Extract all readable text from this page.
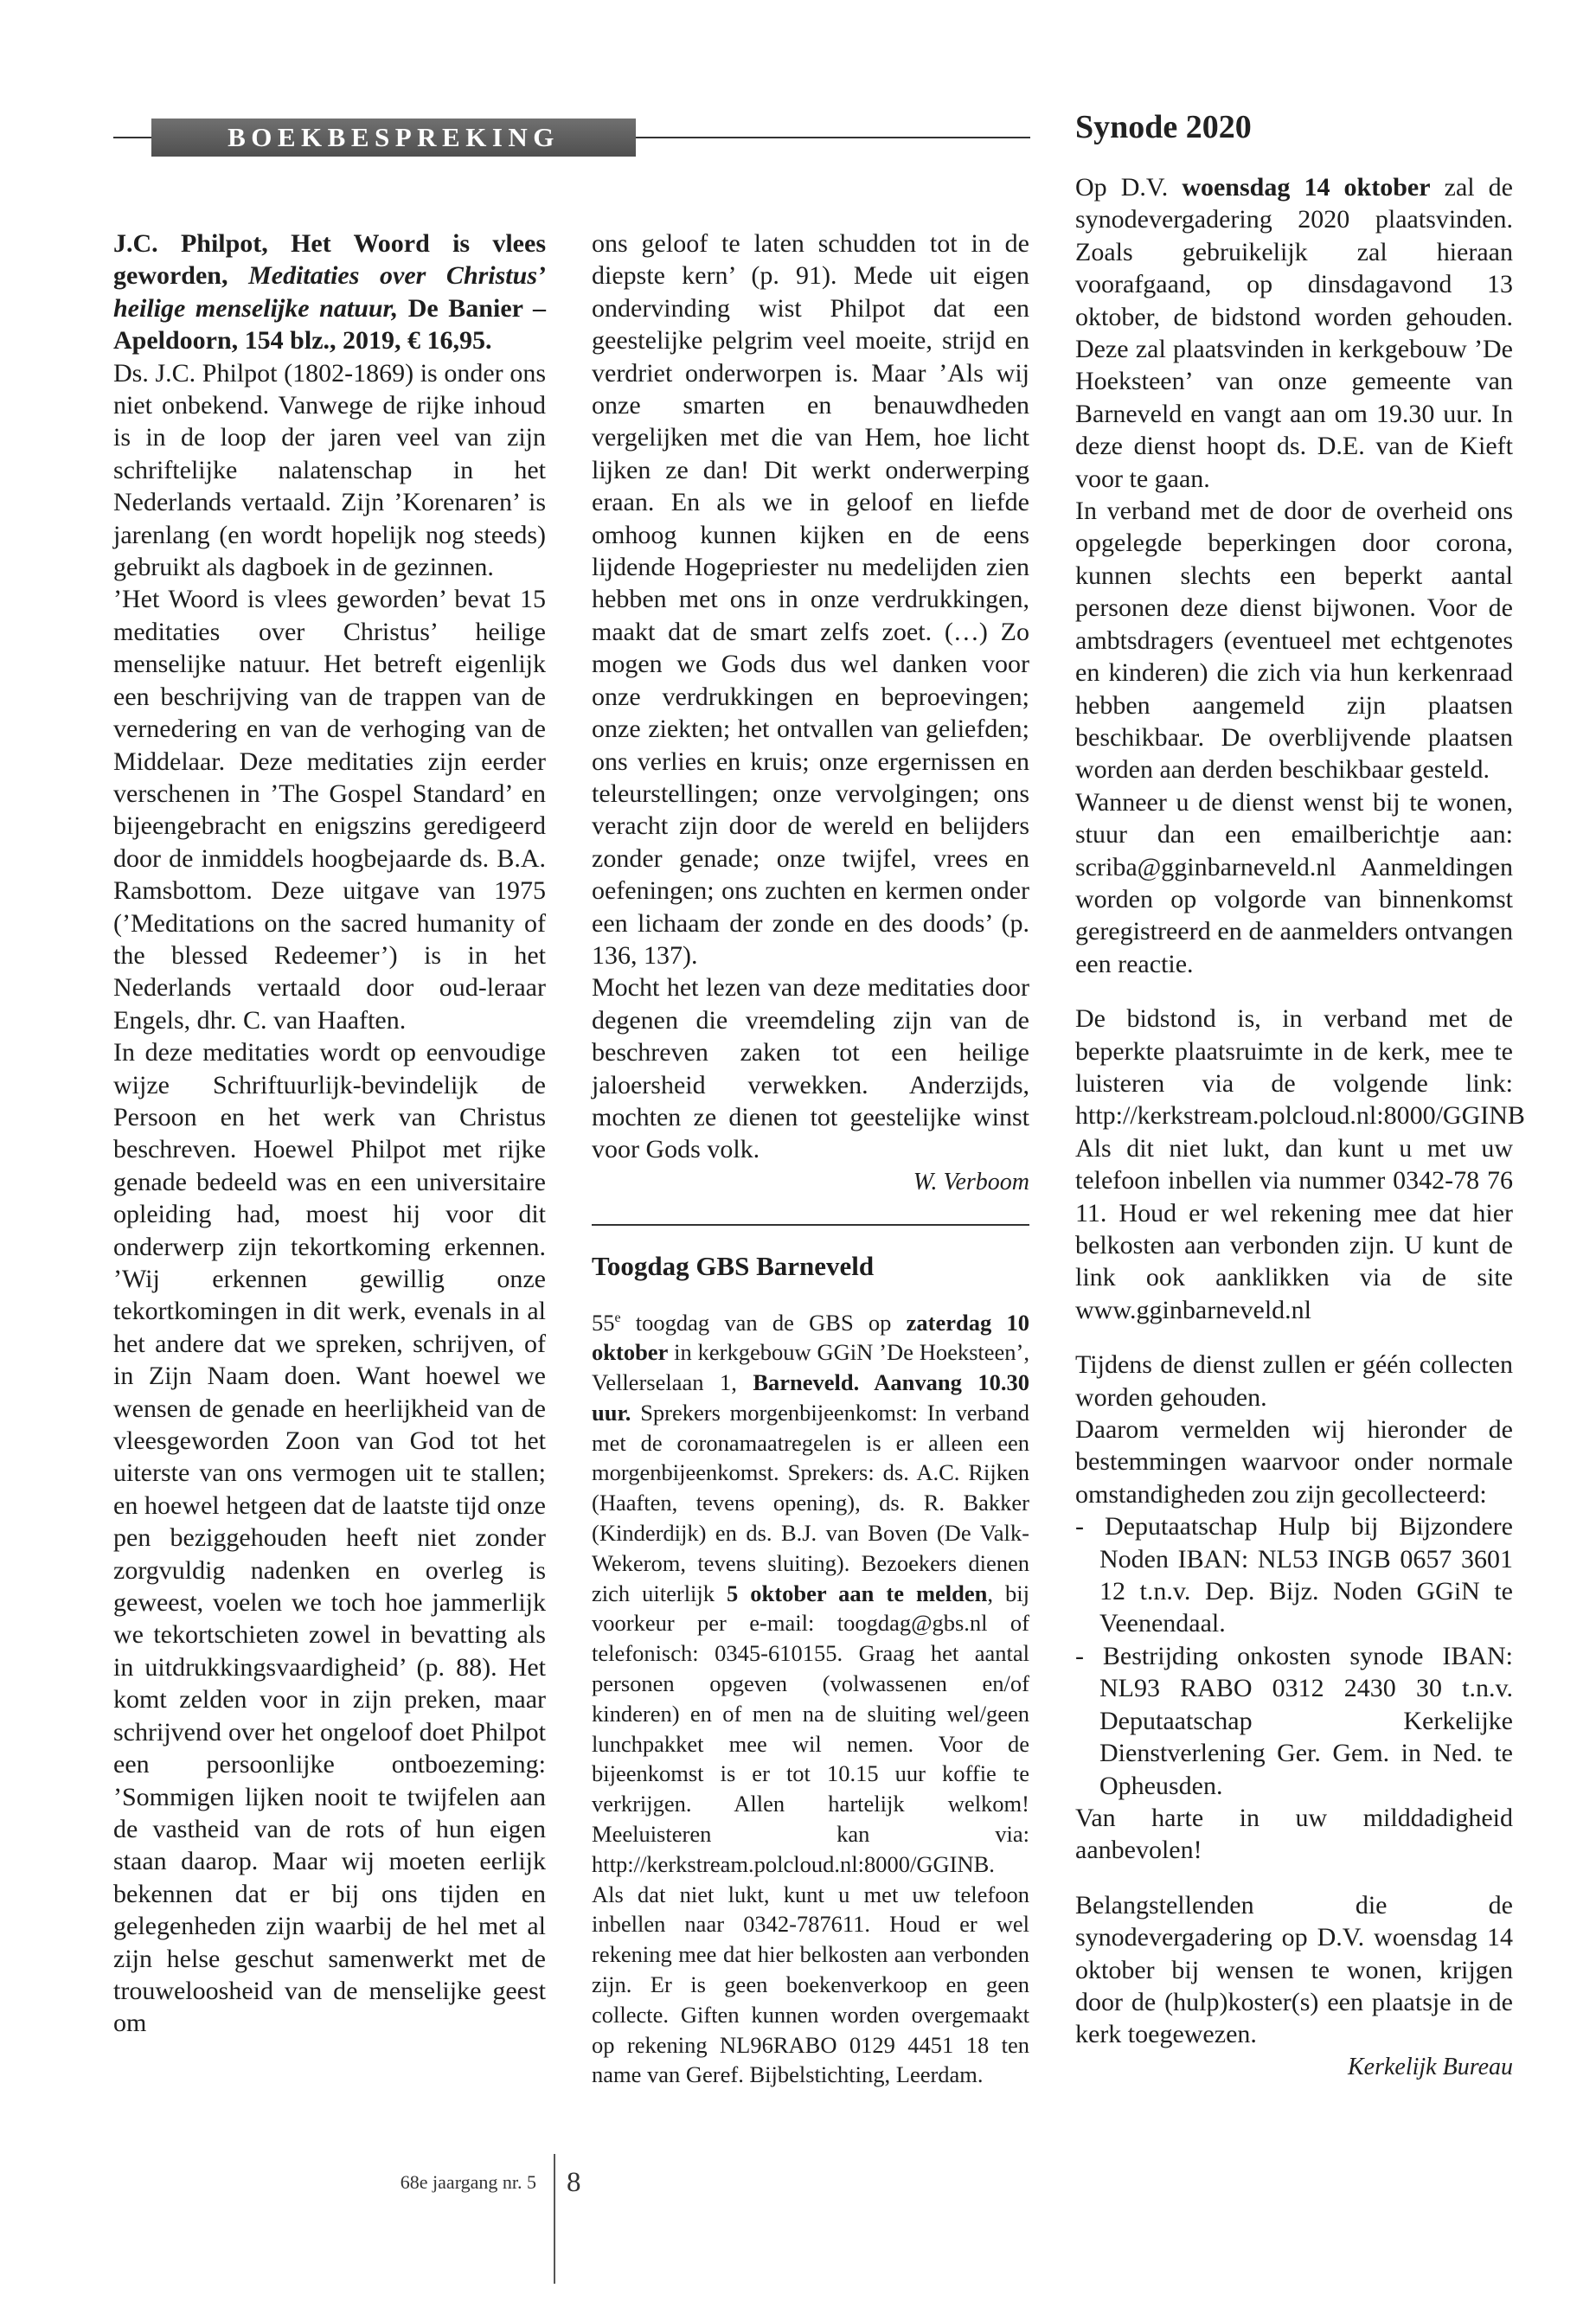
BOEKBESPREKING	Synode 2020

J.C. Philpot, Het Woord is vlees geworden, Meditaties over Christus’ heilige menselijke natuur, De Banier – Apeldoorn, 154 blz., 2019, € 16,95.

Ds. J.C. Philpot (1802-1869) is onder ons niet onbekend. Vanwege de rijke inhoud is in de loop der jaren veel van zijn schriftelijke nalatenschap in het Nederlands vertaald. Zijn ’Korenaren’ is jarenlang (en wordt hopelijk nog steeds) gebruikt als dagboek in de gezinnen.

’Het Woord is vlees geworden’ bevat 15 meditaties over Christus’ heilige menselijke natuur. Het betreft eigenlijk een beschrijving van de trappen van de vernedering en van de verhoging van de Middelaar. Deze meditaties zijn eerder verschenen in ’The Gospel Standard’ en bijeengebracht en enigszins geredigeerd door de inmiddels hoogbejaarde ds. B.A. Ramsbottom. Deze uitgave van 1975 (’Meditations on the sacred humanity of the blessed Redeemer’) is in het Nederlands vertaald door oud-leraar Engels, dhr. C. van Haaften.

In deze meditaties wordt op eenvoudige wijze Schriftuurlijk-bevindelijk de Persoon en het werk van Christus beschreven. Hoewel Philpot met rijke genade bedeeld was en een universitaire opleiding had, moest hij voor dit onderwerp zijn tekortkoming erkennen. ’Wij erkennen gewillig onze tekortkomingen in dit werk, evenals in al het andere dat we spreken, schrijven, of in Zijn Naam doen. Want hoewel we wensen de genade en heerlijkheid van de vleesgeworden Zoon van God tot het uiterste van ons vermogen uit te stallen; en hoewel hetgeen dat de laatste tijd onze pen beziggehouden heeft niet zonder zorgvuldig nadenken en overleg is geweest, voelen we toch hoe jammerlijk we tekortschieten zowel in bevatting als in uitdrukkingsvaardigheid’ (p. 88). Het komt zelden voor in zijn preken, maar schrijvend over het ongeloof doet Philpot een persoonlijke ontboezeming: ’Sommigen lijken nooit te twijfelen aan de vastheid van de rots of hun eigen staan daarop. Maar wij moeten eerlijk bekennen dat er bij ons tijden en gelegenheden zijn waarbij de hel met al zijn helse geschut samenwerkt met de trouweloosheid van de menselijke geest om

ons geloof te laten schudden tot in de diepste kern’ (p. 91). Mede uit eigen ondervinding wist Philpot dat een geestelijke pelgrim veel moeite, strijd en verdriet onderworpen is. Maar ’Als wij onze smarten en benauwdheden vergelijken met die van Hem, hoe licht lijken ze dan! Dit werkt onderwerping eraan. En als we in geloof en liefde omhoog kunnen kijken en de eens lijdende Hogepriester nu medelijden zien hebben met ons in onze verdrukkingen, maakt dat de smart zelfs zoet. (…) Zo mogen we Gods dus wel danken voor onze verdrukkingen en beproevingen; onze ziekten; het ontvallen van geliefden; ons verlies en kruis; onze ergernissen en teleurstellingen; onze vervolgingen; ons veracht zijn door de wereld en belijders zonder genade; onze twijfel, vrees en oefeningen; ons zuchten en kermen onder een lichaam der zonde en des doods’ (p. 136, 137).

Mocht het lezen van deze meditaties door degenen die vreemdeling zijn van de beschreven zaken tot een heilige jaloersheid verwekken. Anderzijds, mochten ze dienen tot geestelijke winst voor Gods volk.

W. Verboom

Toogdag GBS Barneveld

55e toogdag van de GBS op zaterdag 10 oktober in kerkgebouw GGiN ’De Hoeksteen’, Vellerselaan 1, Barneveld. Aanvang 10.30 uur. Sprekers morgenbijeenkomst: In verband met de coronamaatregelen is er alleen een morgenbijeenkomst. Sprekers: ds. A.C. Rijken (Haaften, tevens opening), ds. R. Bakker (Kinderdijk) en ds. B.J. van Boven (De Valk-Wekerom, tevens sluiting). Bezoekers dienen zich uiterlijk 5 oktober aan te melden, bij voorkeur per e-mail: toogdag@gbs.nl of telefonisch: 0345-610155. Graag het aantal personen opgeven (volwassenen en/of kinderen) en of men na de sluiting wel/geen lunchpakket mee wil nemen. Voor de bijeenkomst is er tot 10.15 uur koffie te verkrijgen. Allen hartelijk welkom! Meeluisteren kan via: http://kerkstream.polcloud.nl:8000/GGINB. Als dat niet lukt, kunt u met uw telefoon inbellen naar 0342-787611. Houd er wel rekening mee dat hier belkosten aan verbonden zijn. Er is geen boekenverkoop en geen collecte. Giften kunnen worden overgemaakt op rekening NL96RABO 0129 4451 18 ten name van Geref. Bijbelstichting, Leerdam.

Op D.V. woensdag 14 oktober zal de synodevergadering 2020 plaatsvinden. Zoals gebruikelijk zal hieraan voorafgaand, op dinsdagavond 13 oktober, de bidstond worden gehouden. Deze zal plaatsvinden in kerkgebouw ’De Hoeksteen’ van onze gemeente van Barneveld en vangt aan om 19.30 uur. In deze dienst hoopt ds. D.E. van de Kieft voor te gaan.

In verband met de door de overheid ons opgelegde beperkingen door corona, kunnen slechts een beperkt aantal personen deze dienst bijwonen. Voor de ambtsdragers (eventueel met echtgenotes en kinderen) die zich via hun kerkenraad hebben aangemeld zijn plaatsen beschikbaar. De overblijvende plaatsen worden aan derden beschikbaar gesteld.

Wanneer u de dienst wenst bij te wonen, stuur dan een emailberichtje aan: scriba@gginbarneveld.nl Aanmeldingen worden op volgorde van binnenkomst geregistreerd en de aanmelders ontvangen een reactie.

De bidstond is, in verband met de beperkte plaatsruimte in de kerk, mee te luisteren via de volgende link: http://kerkstream.polcloud.nl:8000/GGINB Als dit niet lukt, dan kunt u met uw telefoon inbellen via nummer 0342-78 76 11. Houd er wel rekening mee dat hier belkosten aan verbonden zijn. U kunt de link ook aanklikken via de site www.gginbarneveld.nl

Tijdens de dienst zullen er géén collecten worden gehouden.

Daarom vermelden wij hieronder de bestemmingen waarvoor onder normale omstandigheden zou zijn gecollecteerd:

- Deputaatschap Hulp bij Bijzondere Noden IBAN: NL53 INGB 0657 3601 12 t.n.v. Dep. Bijz. Noden GGiN te Veenendaal.

- Bestrijding onkosten synode IBAN: NL93 RABO 0312 2430 30 t.n.v. Deputaatschap Kerkelijke Dienstverlening Ger. Gem. in Ned. te Opheusden.

Van harte in uw milddadigheid aanbevolen!

Belangstellenden die de synodevergadering op D.V. woensdag 14 oktober bij wensen te wonen, krijgen door de (hulp)koster(s) een plaatsje in de kerk toegewezen.

Kerkelijk Bureau

68e jaargang nr. 5 8
